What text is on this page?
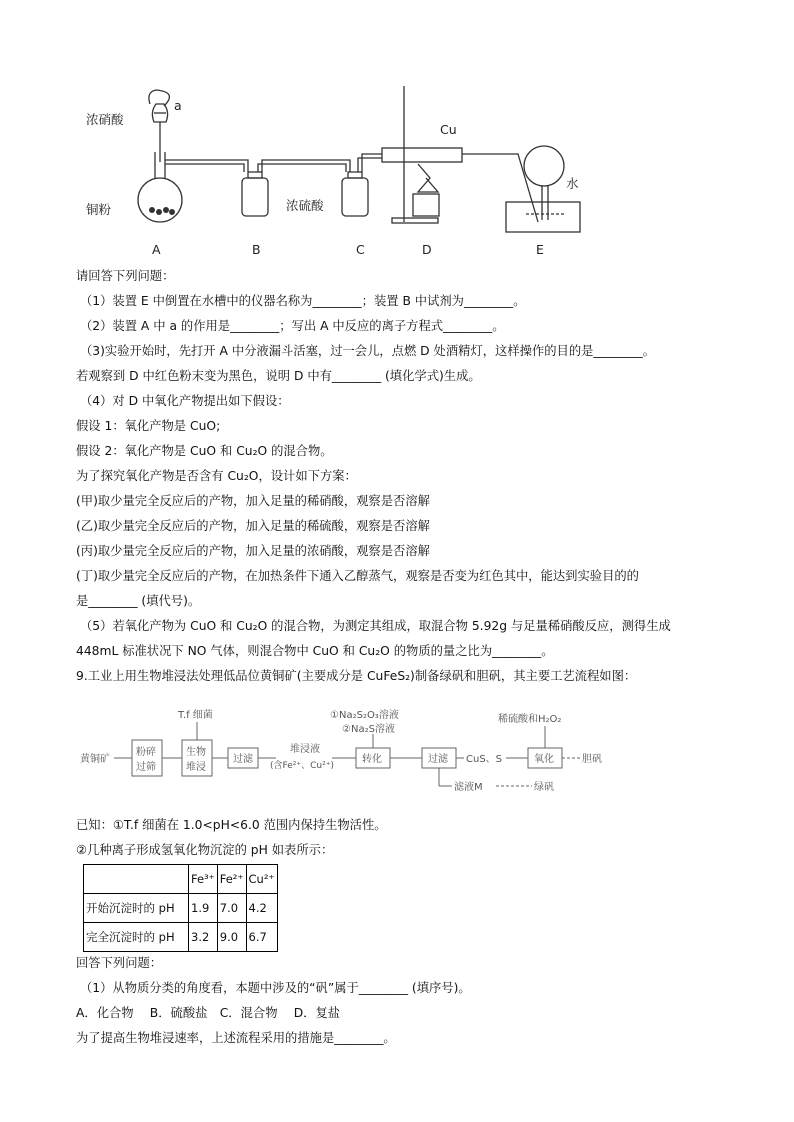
浓硝酸
a
铜粉	浓硫酸
Cu
水
A	B	C	D	E
请回答下列问题：
（1）装置 E 中倒置在水槽中的仪器名称为________；装置 B 中试剂为________。
（2）装置 A 中 a 的作用是________；写出 A 中反应的离子方程式________。
（3)实验开始时，先打开 A 中分液漏斗活塞，过一会儿，点燃 D 处酒精灯，这样操作的目的是________。
若观察到 D 中红色粉末变为黑色，说明 D 中有________ (填化学式)生成。
（4）对 D 中氧化产物提出如下假设：
假设 1：氧化产物是 CuO;
假设 2：氧化产物是 CuO 和 Cu₂O 的混合物。
为了探究氧化产物是否含有 Cu₂O，设计如下方案：
(甲)取少量完全反应后的产物，加入足量的稀硝酸，观察是否溶解
(乙)取少量完全反应后的产物，加入足量的稀硫酸，观察是否溶解
(丙)取少量完全反应后的产物，加入足量的浓硝酸，观察是否溶解
(丁)取少量完全反应后的产物，在加热条件下通入乙醇蒸气，观察是否变为红色其中，能达到实验目的的
是________ (填代号)。
（5）若氧化产物为 CuO 和 Cu₂O 的混合物，为测定其组成，取混合物 5.92g 与足量稀硝酸反应，测得生成
448mL 标准状况下 NO 气体，则混合物中 CuO 和 Cu₂O 的物质的量之比为________。
9.工业上用生物堆浸法处理低品位黄铜矿(主要成分是 CuFeS₂)制备绿矾和胆矾，其主要工艺流程如图：
黄铜矿
粉碎
过筛
T.f 细菌
生物
堆浸
过滤
堆浸液
(含Fe²⁺、Cu²⁺)
①Na₂S₂O₃溶液
②Na₂S溶液
转化	过滤 CuS、S
稀硫酸和H₂O₂
氧化	胆矾
滤液M	绿矾
已知：①T.f 细菌在 1.0<pH<6.0 范围内保持生物活性。
②几种离子形成氢氧化物沉淀的 pH 如表所示：
	Fe³⁺	Fe²⁺	Cu²⁺
开始沉淀时的 pH	1.9	7.0	4.2
完全沉淀时的 pH	3.2	9.0	6.7
回答下列问题：
（1）从物质分类的角度看，本题中涉及的“矾”属于________ (填序号)。
A．化合物　 B．硫酸盐　C．混合物　 D．复盐
为了提高生物堆浸速率，上述流程采用的措施是________。
